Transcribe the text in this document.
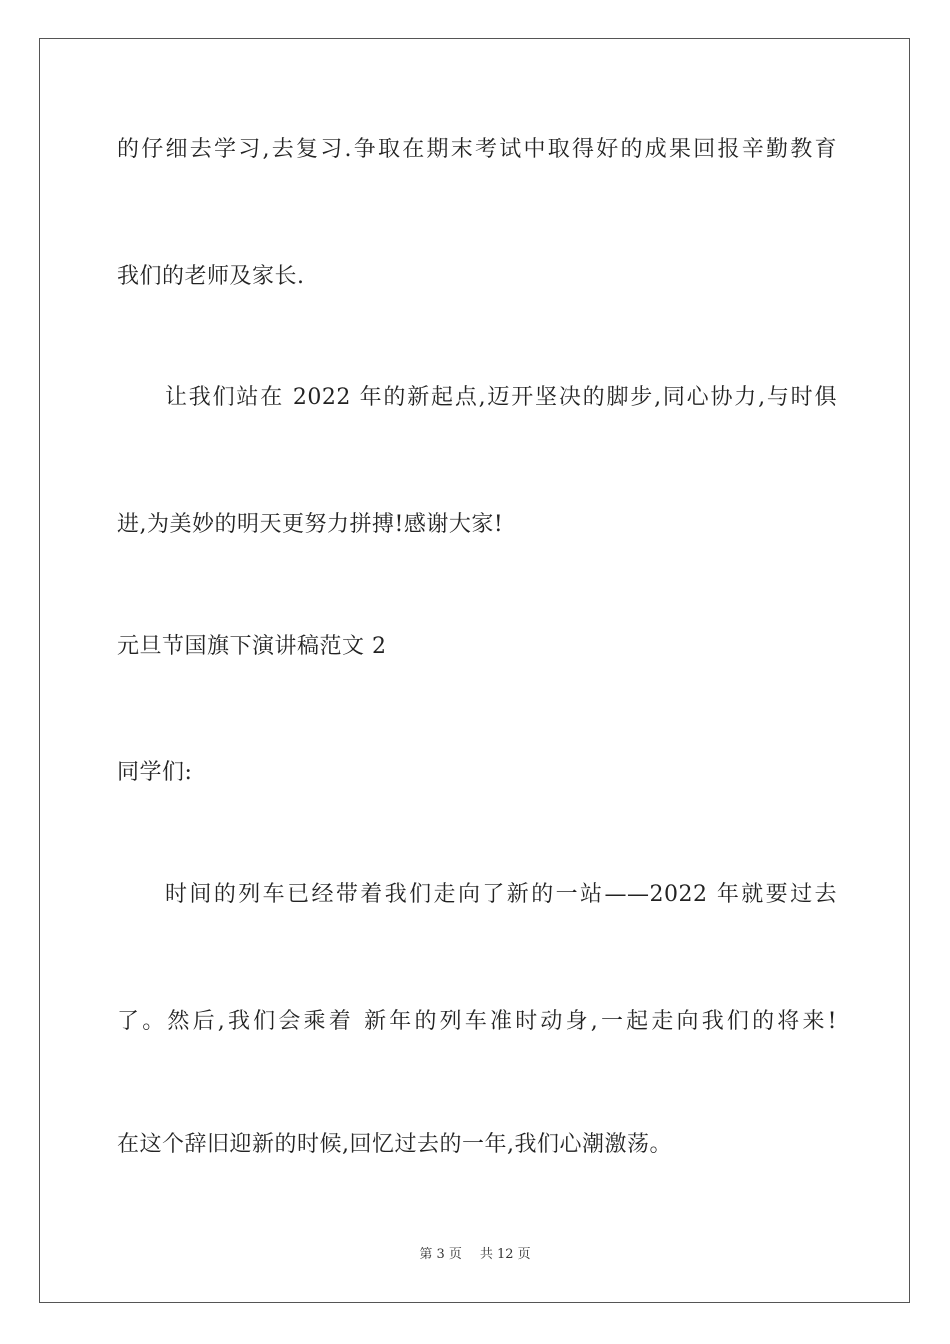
的仔细去学习,去复习.争取在期末考试中取得好的成果回报辛勤教育
我们的老师及家长.
让我们站在 2022 年的新起点,迈开坚决的脚步,同心协力,与时俱
进,为美妙的明天更努力拼搏!感谢大家!
元旦节国旗下演讲稿范文 2
同学们:
时间的列车已经带着我们走向了新的一站——2022 年就要过去
了。然后,我们会乘着 新年的列车准时动身,一起走向我们的将来!
在这个辞旧迎新的时候,回忆过去的一年,我们心潮激荡。
第 3 页 共 12 页
